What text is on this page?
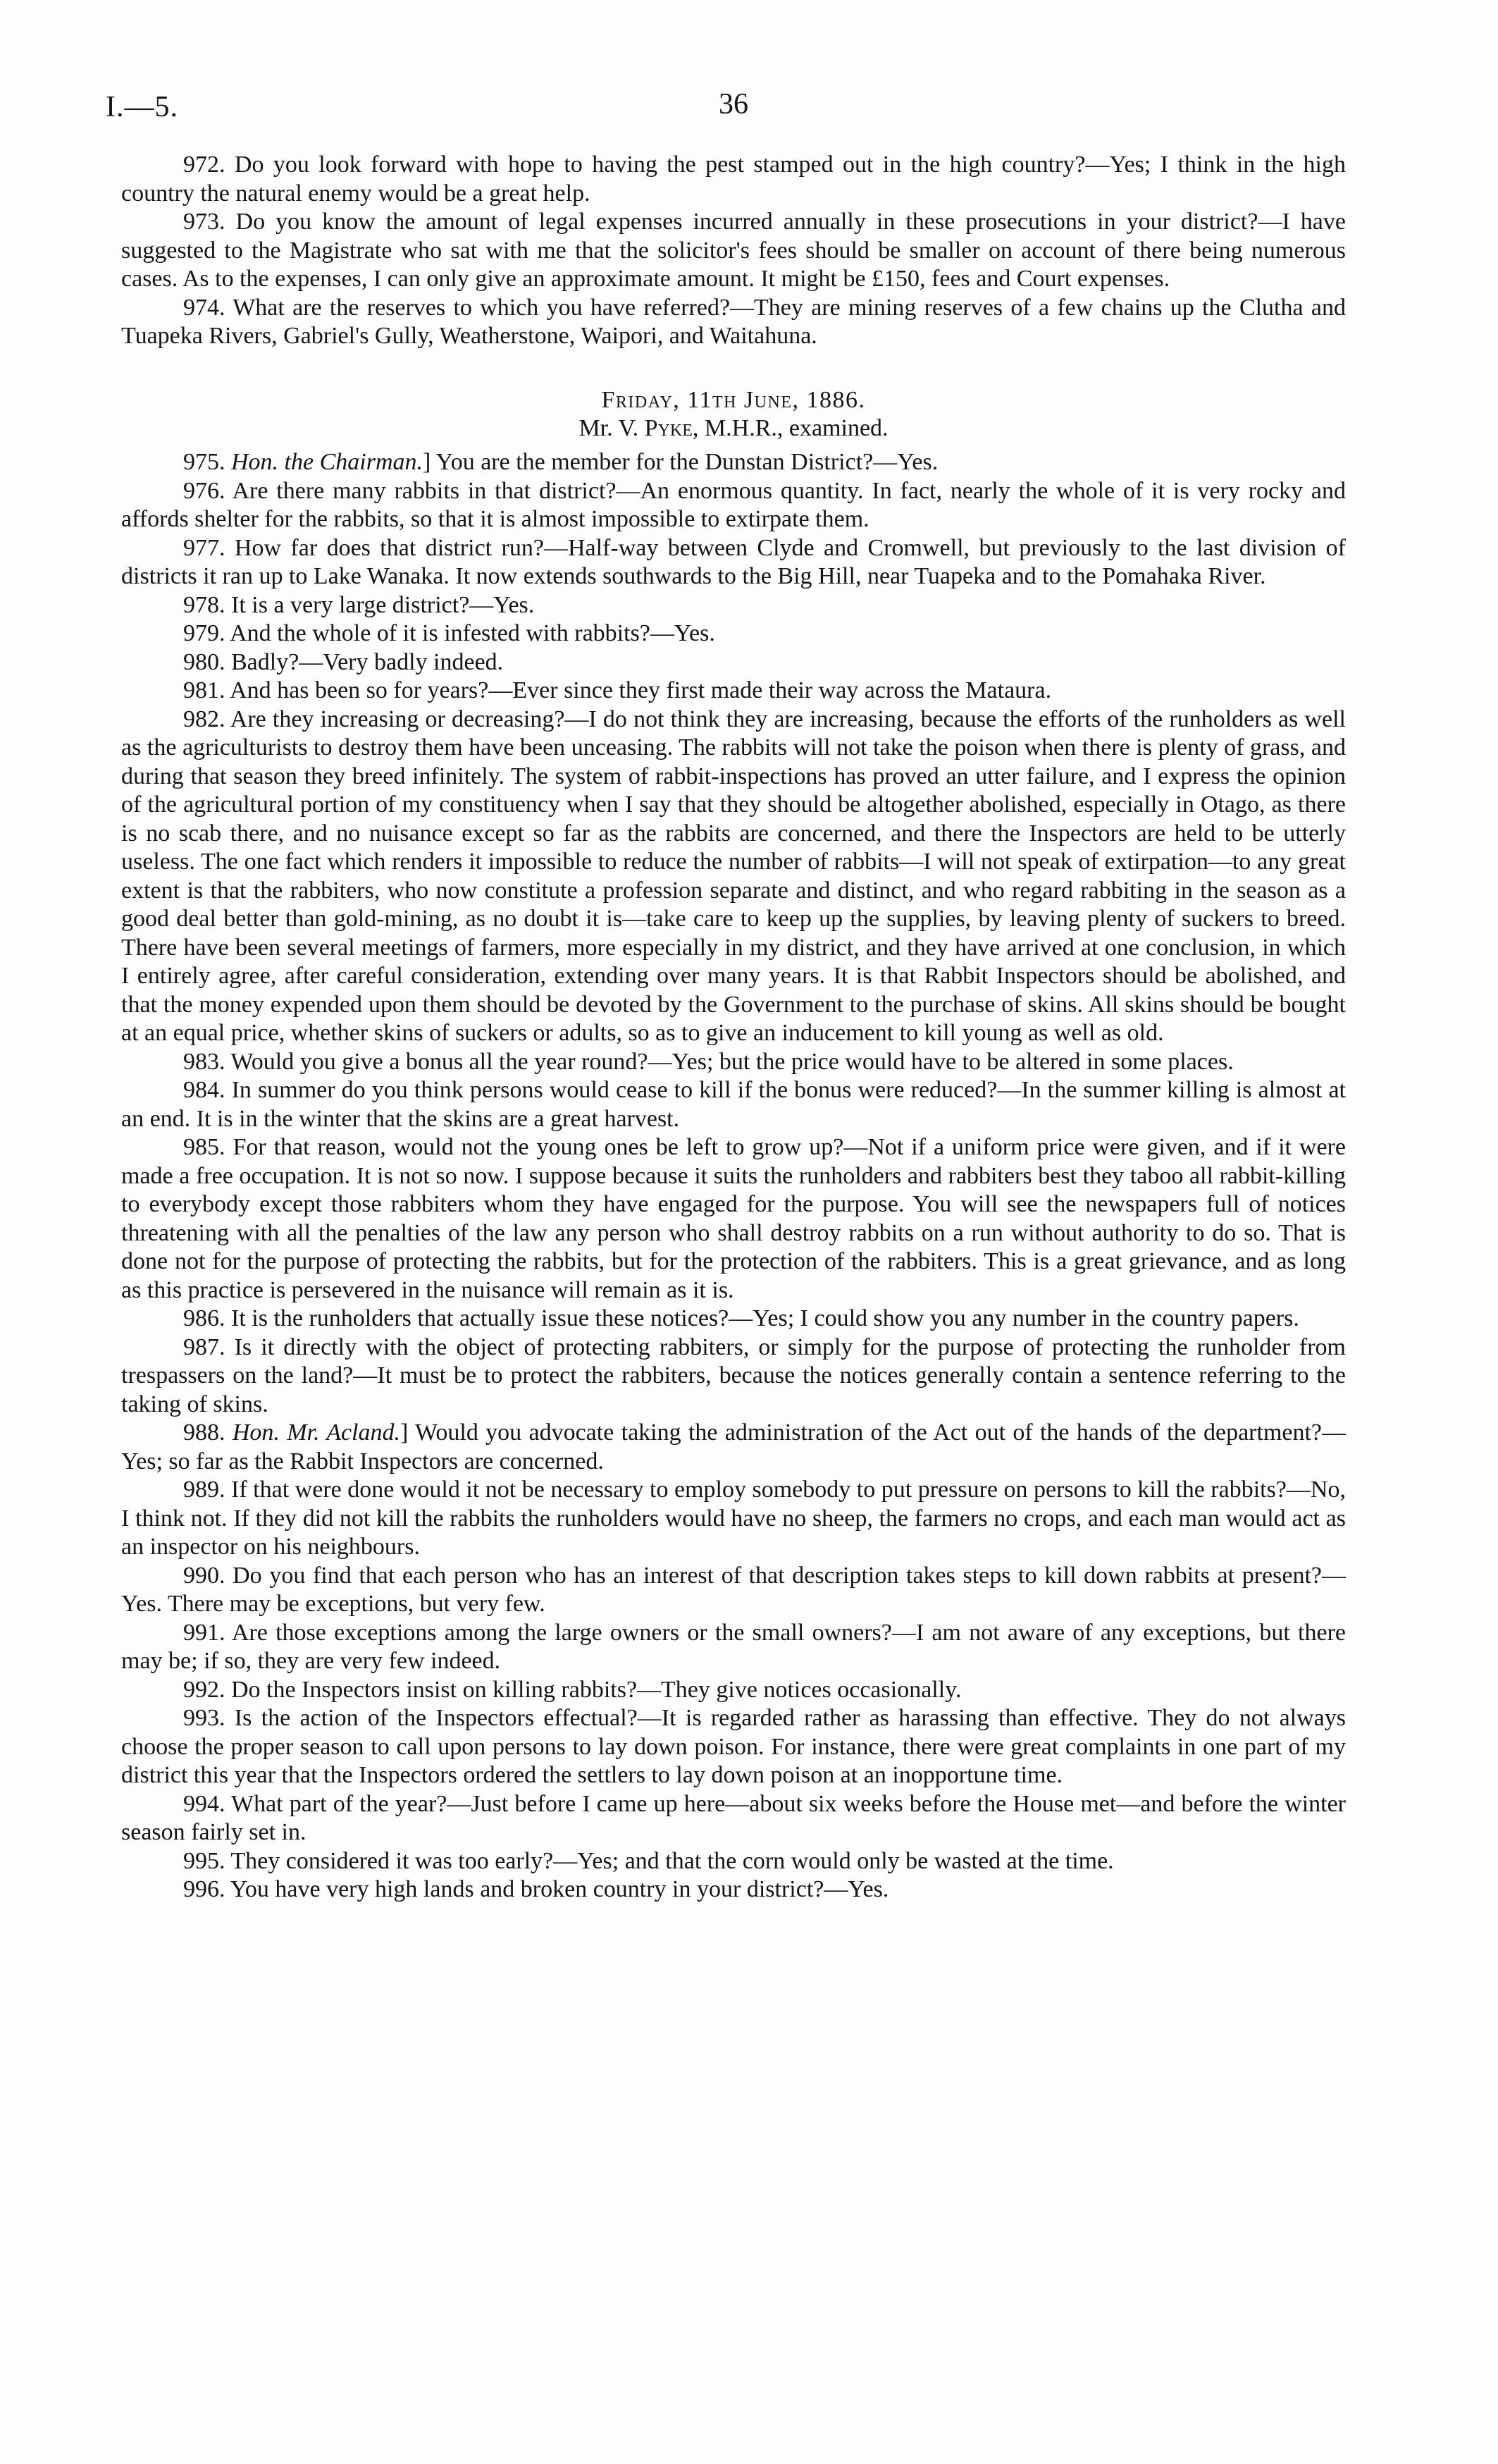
I.—5.	36

972. Do you look forward with hope to having the pest stamped out in the high country?—Yes; I think in the high country the natural enemy would be a great help.

973. Do you know the amount of legal expenses incurred annually in these prosecutions in your district?—I have suggested to the Magistrate who sat with me that the solicitor's fees should be smaller on account of there being numerous cases. As to the expenses, I can only give an approximate amount. It might be £150, fees and Court expenses.

974. What are the reserves to which you have referred?—They are mining reserves of a few chains up the Clutha and Tuapeka Rivers, Gabriel's Gully, Weatherstone, Waipori, and Waitahuna.

Friday, 11th June, 1886.

Mr. V. Pyke, M.H.R., examined.

975. Hon. the Chairman.] You are the member for the Dunstan District?—Yes.

976. Are there many rabbits in that district?—An enormous quantity. In fact, nearly the whole of it is very rocky and affords shelter for the rabbits, so that it is almost impossible to extirpate them.

977. How far does that district run?—Half-way between Clyde and Cromwell, but previously to the last division of districts it ran up to Lake Wanaka. It now extends southwards to the Big Hill, near Tuapeka and to the Pomahaka River.

978. It is a very large district?—Yes.

979. And the whole of it is infested with rabbits?—Yes.

980. Badly?—Very badly indeed.

981. And has been so for years?—Ever since they first made their way across the Mataura.

982. Are they increasing or decreasing?—I do not think they are increasing, because the efforts of the runholders as well as the agriculturists to destroy them have been unceasing. The rabbits will not take the poison when there is plenty of grass, and during that season they breed infinitely. The system of rabbit-inspections has proved an utter failure, and I express the opinion of the agricultural portion of my constituency when I say that they should be altogether abolished, especially in Otago, as there is no scab there, and no nuisance except so far as the rabbits are concerned, and there the Inspectors are held to be utterly useless. The one fact which renders it impossible to reduce the number of rabbits—I will not speak of extirpation—to any great extent is that the rabbiters, who now constitute a profession separate and distinct, and who regard rabbiting in the season as a good deal better than gold-mining, as no doubt it is—take care to keep up the supplies, by leaving plenty of suckers to breed. There have been several meetings of farmers, more especially in my district, and they have arrived at one conclusion, in which I entirely agree, after careful consideration, extending over many years. It is that Rabbit Inspectors should be abolished, and that the money expended upon them should be devoted by the Government to the purchase of skins. All skins should be bought at an equal price, whether skins of suckers or adults, so as to give an inducement to kill young as well as old.

983. Would you give a bonus all the year round?—Yes; but the price would have to be altered in some places.

984. In summer do you think persons would cease to kill if the bonus were reduced?—In the summer killing is almost at an end. It is in the winter that the skins are a great harvest.

985. For that reason, would not the young ones be left to grow up?—Not if a uniform price were given, and if it were made a free occupation. It is not so now. I suppose because it suits the runholders and rabbiters best they taboo all rabbit-killing to everybody except those rabbiters whom they have engaged for the purpose. You will see the newspapers full of notices threatening with all the penalties of the law any person who shall destroy rabbits on a run without authority to do so. That is done not for the purpose of protecting the rabbits, but for the protection of the rabbiters. This is a great grievance, and as long as this practice is persevered in the nuisance will remain as it is.

986. It is the runholders that actually issue these notices?—Yes; I could show you any number in the country papers.

987. Is it directly with the object of protecting rabbiters, or simply for the purpose of protecting the runholder from trespassers on the land?—It must be to protect the rabbiters, because the notices generally contain a sentence referring to the taking of skins.

988. Hon. Mr. Acland.] Would you advocate taking the administration of the Act out of the hands of the department?—Yes; so far as the Rabbit Inspectors are concerned.

989. If that were done would it not be necessary to employ somebody to put pressure on persons to kill the rabbits?—No, I think not. If they did not kill the rabbits the runholders would have no sheep, the farmers no crops, and each man would act as an inspector on his neighbours.

990. Do you find that each person who has an interest of that description takes steps to kill down rabbits at present?—Yes. There may be exceptions, but very few.

991. Are those exceptions among the large owners or the small owners?—I am not aware of any exceptions, but there may be; if so, they are very few indeed.

992. Do the Inspectors insist on killing rabbits?—They give notices occasionally.

993. Is the action of the Inspectors effectual?—It is regarded rather as harassing than effective. They do not always choose the proper season to call upon persons to lay down poison. For instance, there were great complaints in one part of my district this year that the Inspectors ordered the settlers to lay down poison at an inopportune time.

994. What part of the year?—Just before I came up here—about six weeks before the House met—and before the winter season fairly set in.

995. They considered it was too early?—Yes; and that the corn would only be wasted at the time.

996. You have very high lands and broken country in your district?—Yes.
